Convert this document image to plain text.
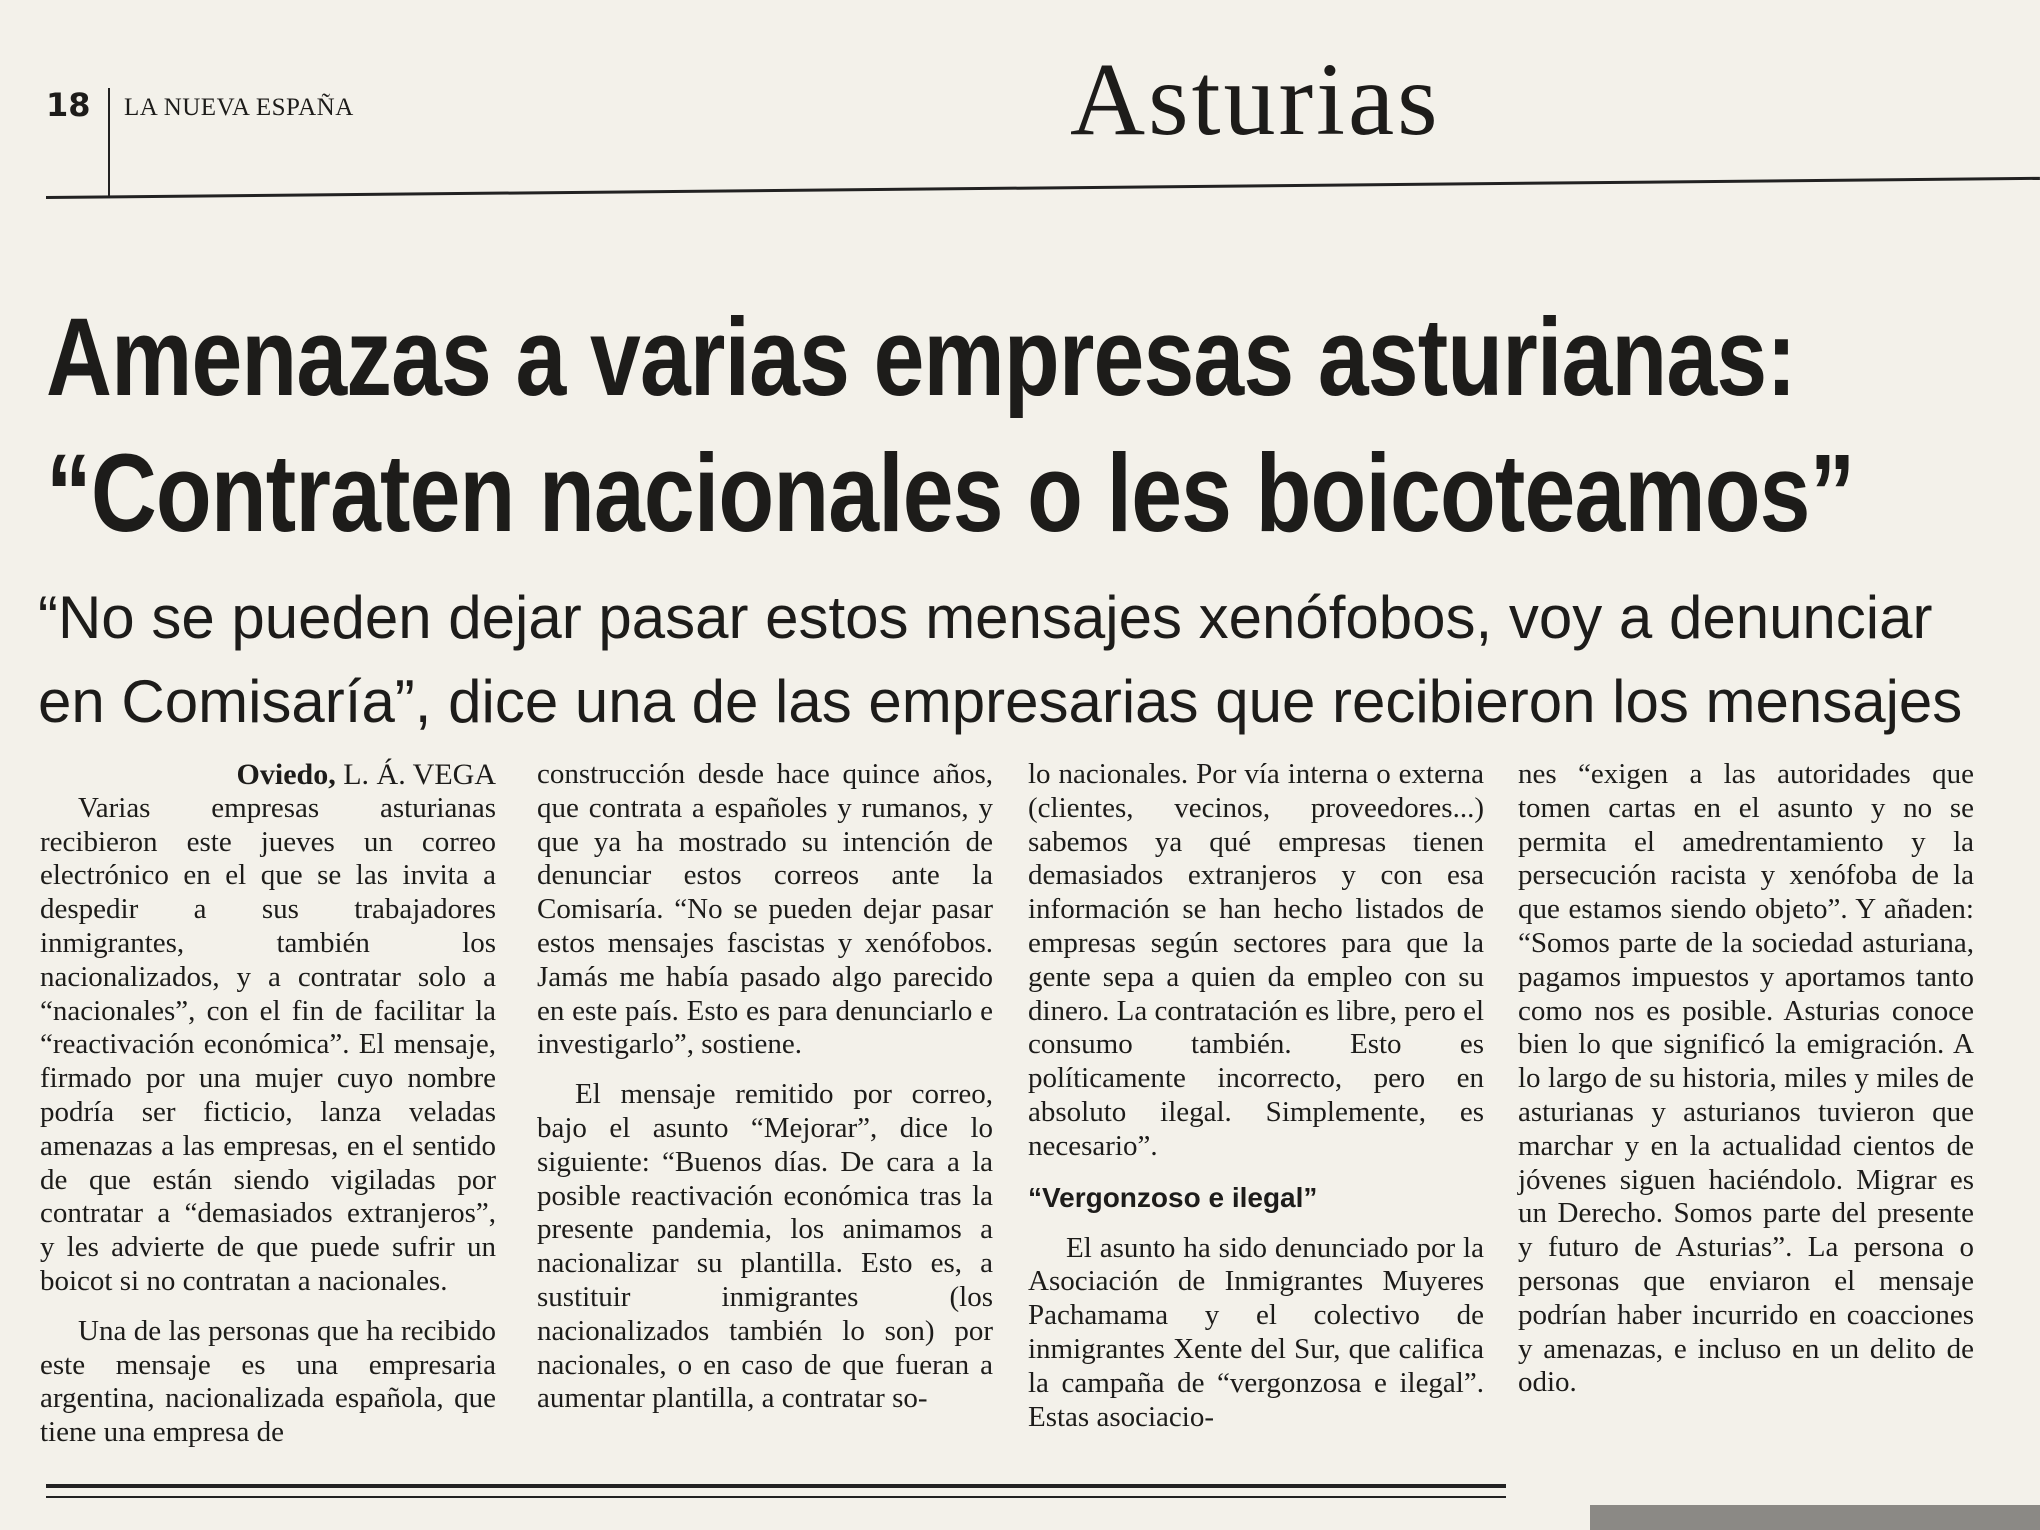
18 LA NUEVA ESPAÑA	Asturias
Amenazas a varias empresas asturianas:
“Contraten nacionales o les boicoteamos”
“No se pueden dejar pasar estos mensajes xenófobos, voy a denunciar
en Comisaría”, dice una de las empresarias que recibieron los mensajes

Oviedo, L. Á. VEGA

Varias empresas asturianas recibieron este jueves un correo electrónico en el que se las invita a despedir a sus trabajadores inmigrantes, también los nacionalizados, y a contratar solo a “nacionales”, con el fin de facilitar la “reactivación económica”. El mensaje, firmado por una mujer cuyo nombre podría ser ficticio, lanza veladas amenazas a las empresas, en el sentido de que están siendo vigiladas por contratar a “demasiados extranjeros”, y les advierte de que puede sufrir un boicot si no contratan a nacionales.

Una de las personas que ha recibido este mensaje es una empresaria argentina, nacionalizada española, que tiene una empresa de

construcción desde hace quince años, que contrata a españoles y rumanos, y que ya ha mostrado su intención de denunciar estos correos ante la Comisaría. “No se pueden dejar pasar estos mensajes fascistas y xenófobos. Jamás me había pasado algo parecido en este país. Esto es para denunciarlo e investigarlo”, sostiene.

El mensaje remitido por correo, bajo el asunto “Mejorar”, dice lo siguiente: “Buenos días. De cara a la posible reactivación económica tras la presente pandemia, los animamos a nacionalizar su plantilla. Esto es, a sustituir inmigrantes (los nacionalizados también lo son) por nacionales, o en caso de que fueran a aumentar plantilla, a contratar so-

lo nacionales. Por vía interna o externa (clientes, vecinos, proveedores...) sabemos ya qué empresas tienen demasiados extranjeros y con esa información se han hecho listados de empresas según sectores para que la gente sepa a quien da empleo con su dinero. La contratación es libre, pero el consumo también. Esto es políticamente incorrecto, pero en absoluto ilegal. Simplemente, es necesario”.

“Vergonzoso e ilegal”

El asunto ha sido denunciado por la Asociación de Inmigrantes Muyeres Pachamama y el colectivo de inmigrantes Xente del Sur, que califica la campaña de “vergonzosa e ilegal”. Estas asociacio-

nes “exigen a las autoridades que tomen cartas en el asunto y no se permita el amedrentamiento y la persecución racista y xenófoba de la que estamos siendo objeto”. Y añaden: “Somos parte de la sociedad asturiana, pagamos impuestos y aportamos tanto como nos es posible. Asturias conoce bien lo que significó la emigración. A lo largo de su historia, miles y miles de asturianas y asturianos tuvieron que marchar y en la actualidad cientos de jóvenes siguen haciéndolo. Migrar es un Derecho. Somos parte del presente y futuro de Asturias”. La persona o personas que enviaron el mensaje podrían haber incurrido en coacciones y amenazas, e incluso en un delito de odio.
